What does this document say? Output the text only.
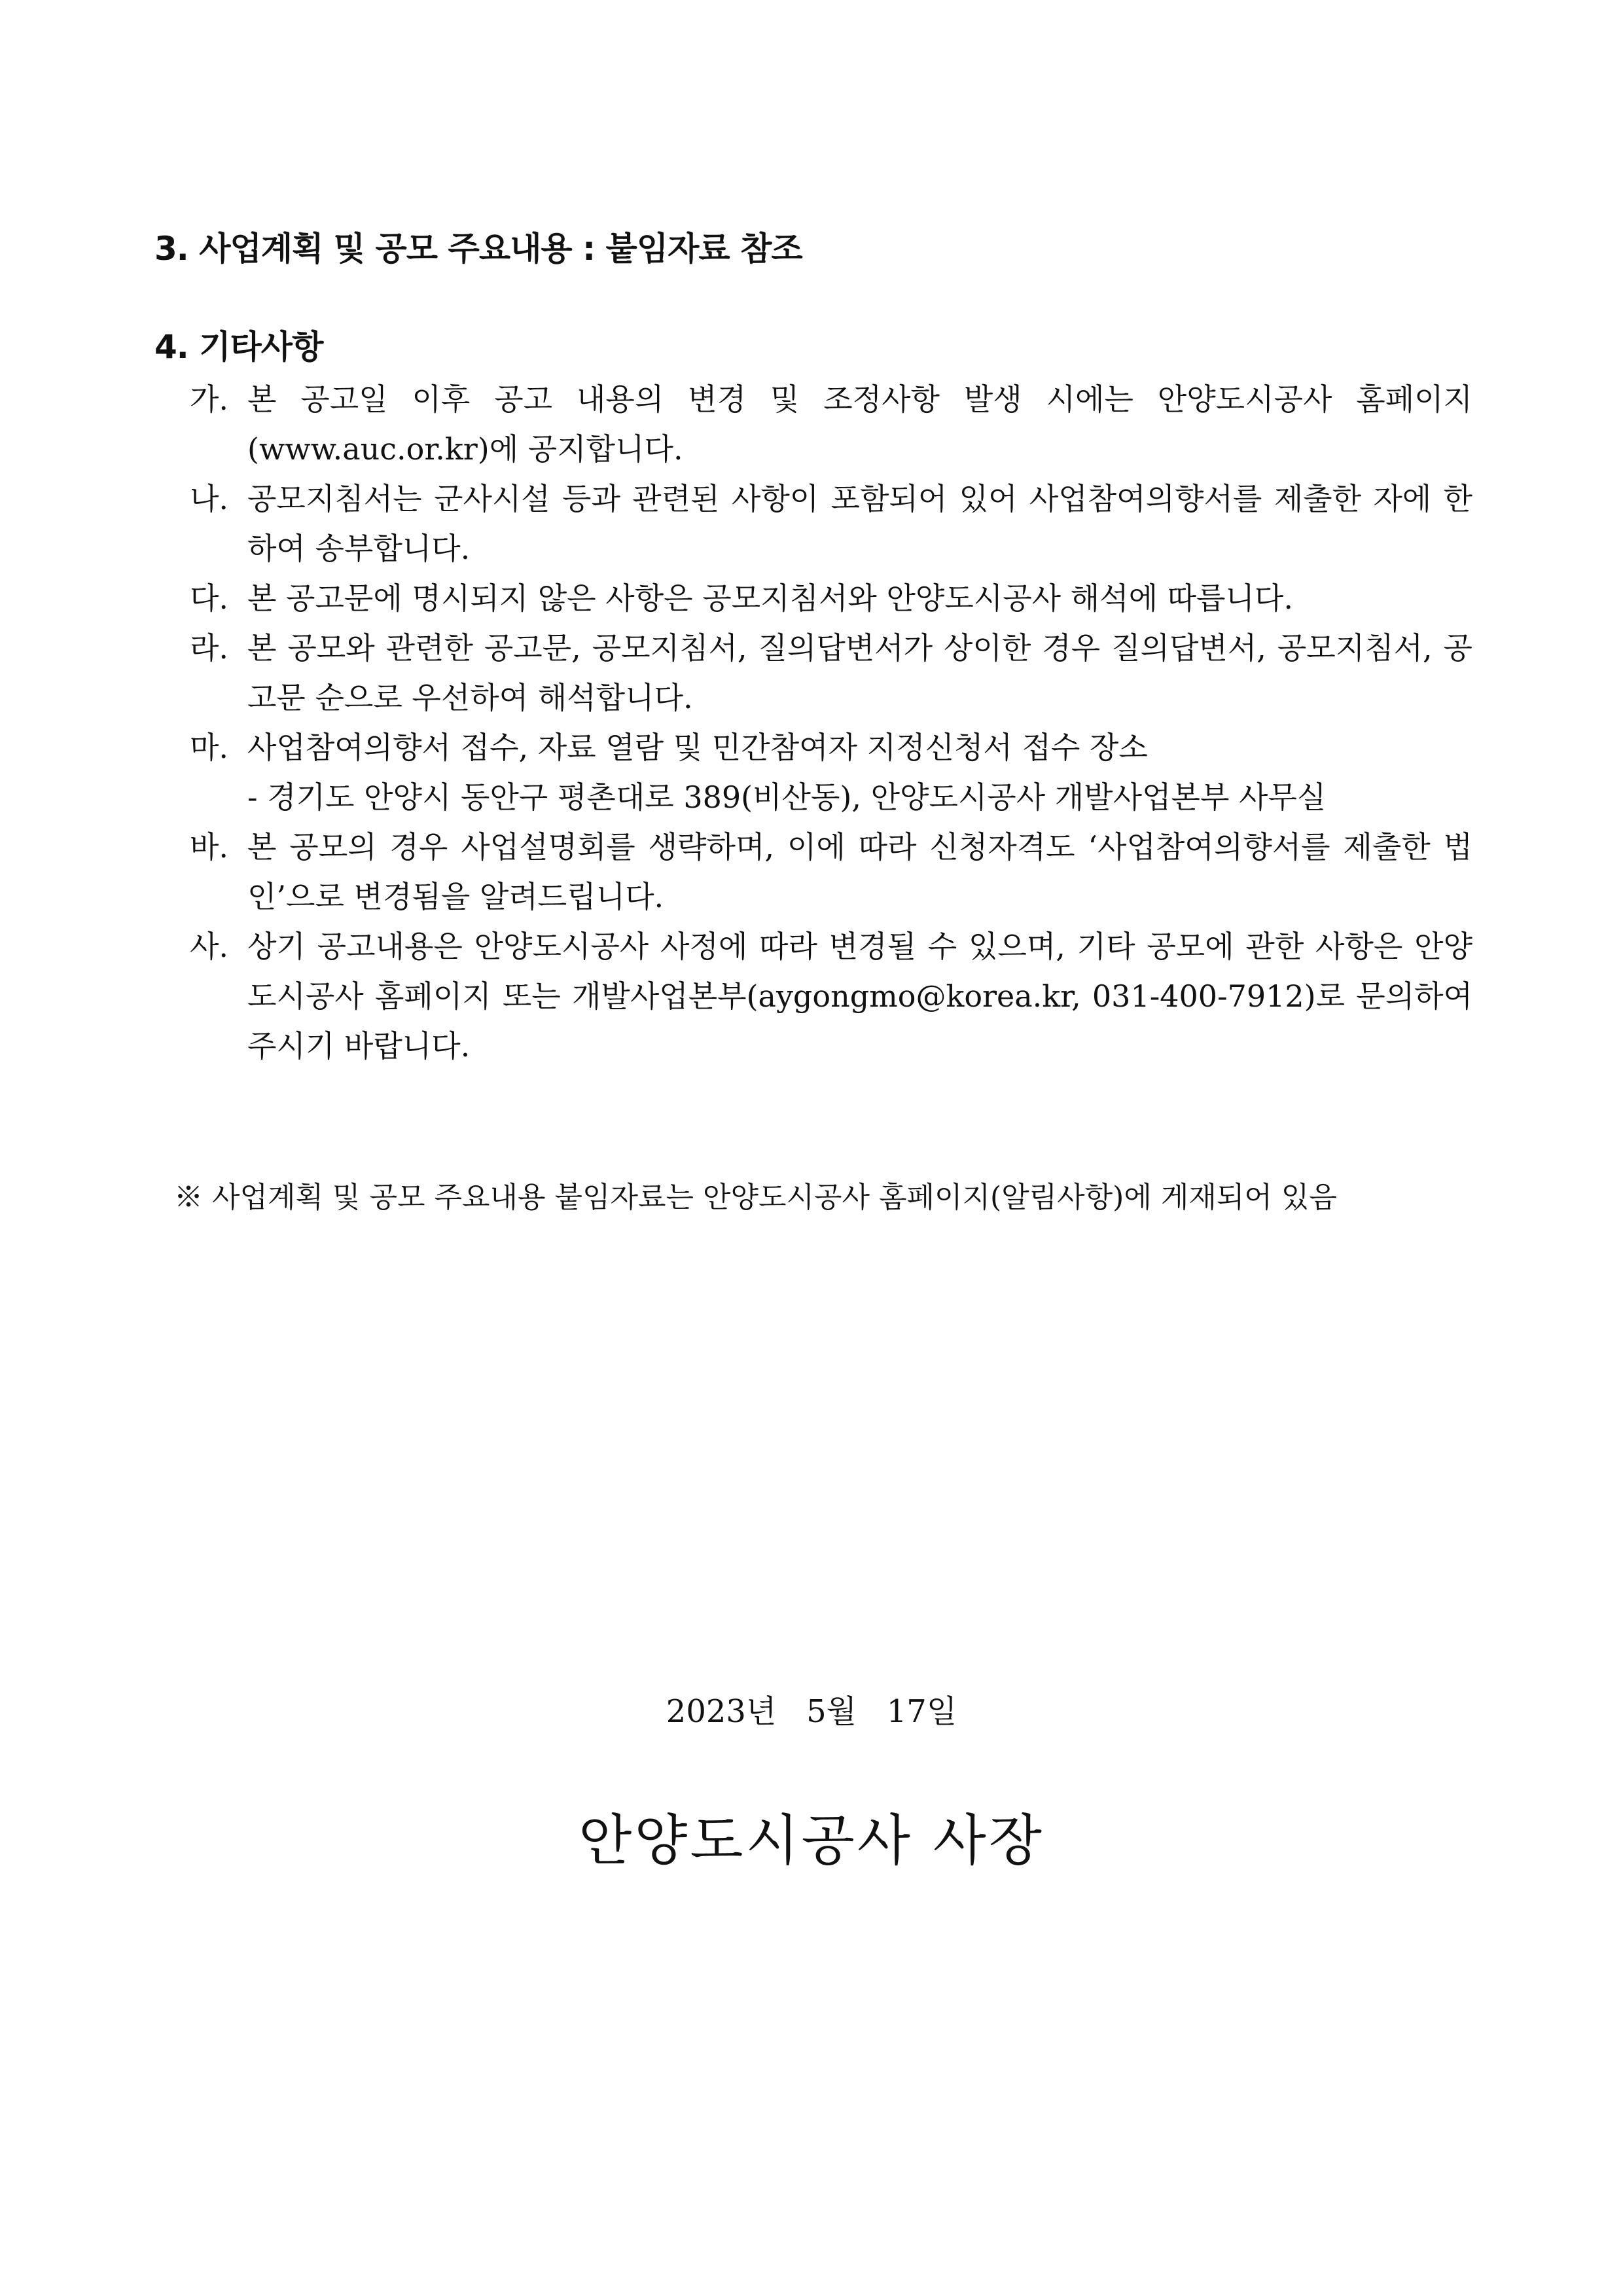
3. 사업계획 및 공모 주요내용 : 붙임자료 참조
4. 기타사항
가. 본 공고일 이후 공고 내용의 변경 및 조정사항 발생 시에는 안양도시공사 홈페이지 (www.auc.or.kr)에 공지합니다.
나. 공모지침서는 군사시설 등과 관련된 사항이 포함되어 있어 사업참여의향서를 제출한 자에 한하여 송부합니다.
다. 본 공고문에 명시되지 않은 사항은 공모지침서와 안양도시공사 해석에 따릅니다.
라. 본 공모와 관련한 공고문, 공모지침서, 질의답변서가 상이한 경우 질의답변서, 공모지침서, 공고문 순으로 우선하여 해석합니다.
마. 사업참여의향서 접수, 자료 열람 및 민간참여자 지정신청서 접수 장소
- 경기도 안양시 동안구 평촌대로 389(비산동), 안양도시공사 개발사업본부 사무실
바. 본 공모의 경우 사업설명회를 생략하며, 이에 따라 신청자격도 ‘사업참여의향서를 제출한 법인’으로 변경됨을 알려드립니다.
사. 상기 공고내용은 안양도시공사 사정에 따라 변경될 수 있으며, 기타 공모에 관한 사항은 안양도시공사 홈페이지 또는 개발사업본부(aygongmo@korea.kr, 031-400-7912)로 문의하여 주시기 바랍니다.

※ 사업계획 및 공모 주요내용 붙임자료는 안양도시공사 홈페이지(알림사항)에 게재되어 있음

2023년   5월   17일

안양도시공사 사장
